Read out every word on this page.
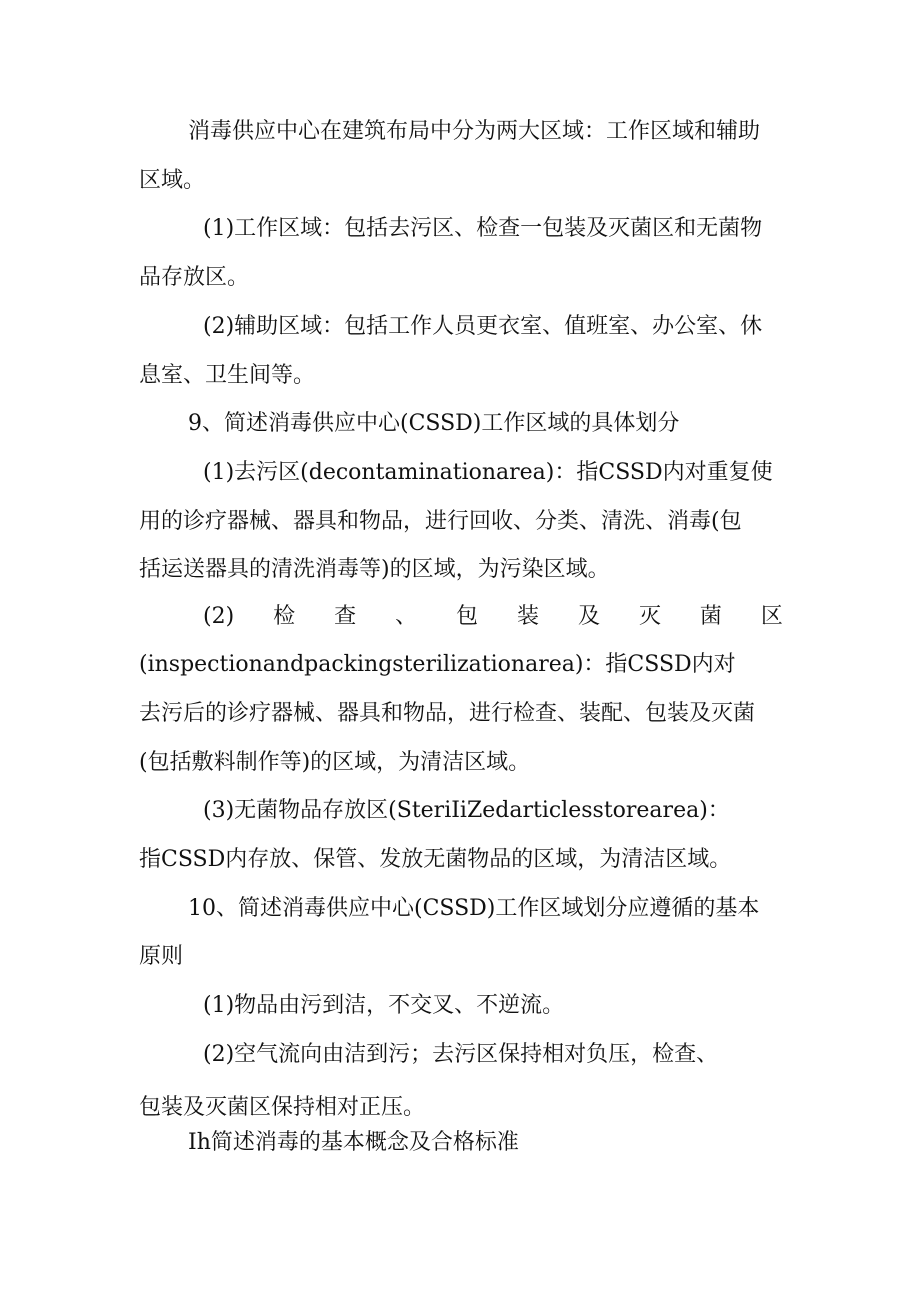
消毒供应中心在建筑布局中分为两大区域：工作区域和辅助
区域。
(1)工作区域：包括去污区、检查一包装及灭菌区和无菌物
品存放区。
(2)辅助区域：包括工作人员更衣室、值班室、办公室、休
息室、卫生间等。
9、简述消毒供应中心(CSSD)工作区域的具体划分
(1)去污区(decontaminationarea)：指CSSD内对重复使
用的诊疗器械、器具和物品，进行回收、分类、清洗、消毒(包
括运送器具的清洗消毒等)的区域，为污染区域。
(2) 检 查 、 包 装 及 灭 菌 区
(inspectionandpackingsterilizationarea)：指CSSD内对
去污后的诊疗器械、器具和物品，进行检查、装配、包装及灭菌
(包括敷料制作等)的区域，为清洁区域。
(3)无菌物品存放区(SteriIiZedarticlesstorearea)：
指CSSD内存放、保管、发放无菌物品的区域，为清洁区域。
10、简述消毒供应中心(CSSD)工作区域划分应遵循的基本
原则
(1)物品由污到洁，不交叉、不逆流。
(2)空气流向由洁到污；去污区保持相对负压，检查、
包装及灭菌区保持相对正压。
Ih简述消毒的基本概念及合格标准
